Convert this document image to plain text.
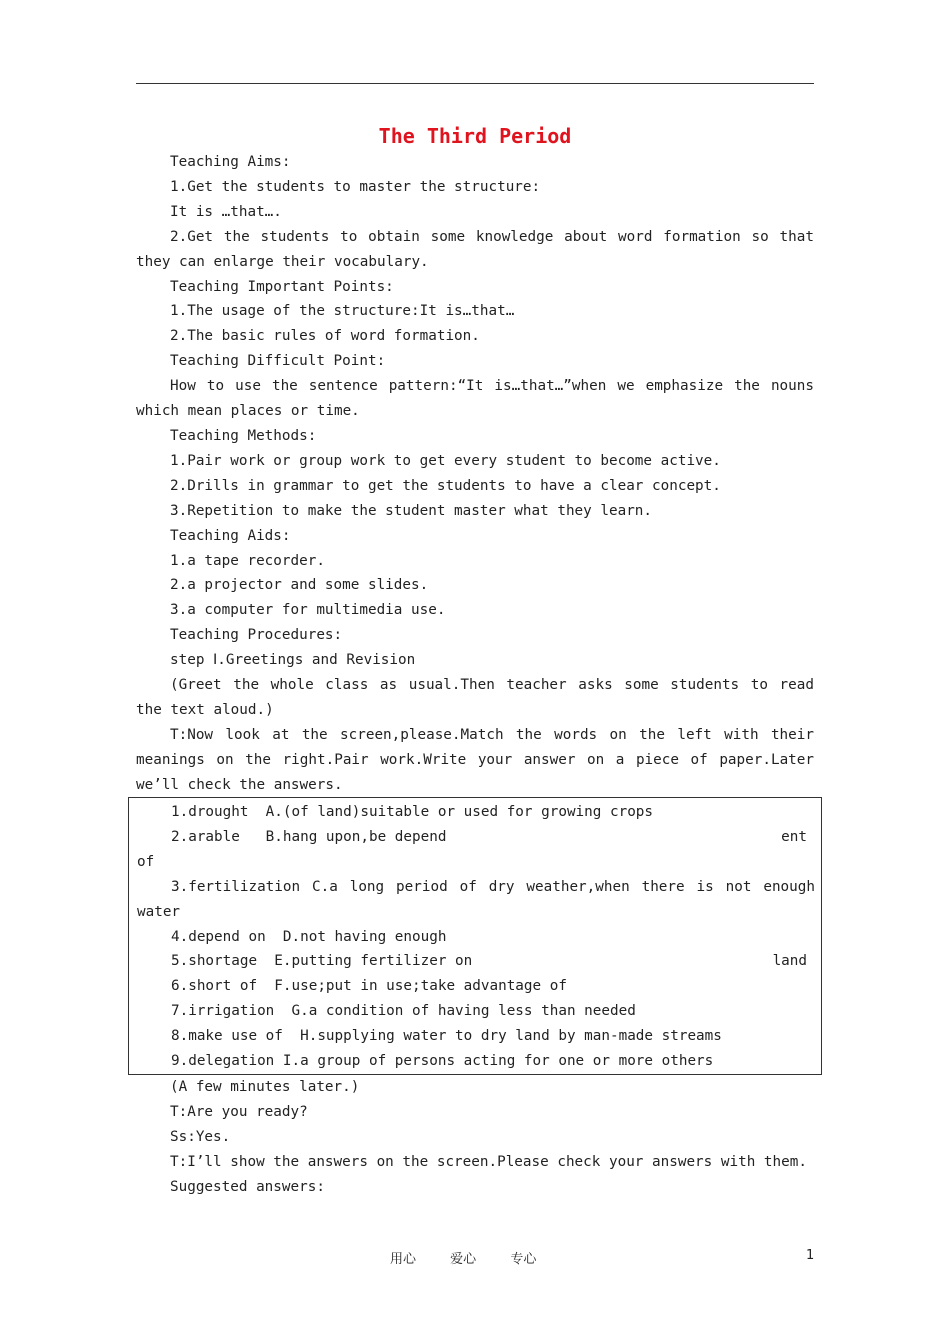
The Third Period

Teaching Aims:

1.Get the students to master the structure:

It is …that….

2.Get the students to obtain some knowledge about word formation so that they can enlarge their vocabulary.

Teaching Important Points:

1.The usage of the structure:It is…that…

2.The basic rules of word formation.

Teaching Difficult Point:

How to use the sentence pattern:“It is…that…”when we emphasize the nouns which mean places or time.

Teaching Methods:

1.Pair work or group work to get every student to become active.

2.Drills in grammar to get the students to have a clear concept.

3.Repetition to make the student master what they learn.

Teaching Aids:

1.a tape recorder.

2.a projector and some slides.

3.a computer for multimedia use.

Teaching Procedures:

step Ⅰ.Greetings and Revision

(Greet the whole class as usual.Then teacher asks some students to read the text aloud.)

T:Now look at the screen,please.Match the words on the left with their meanings on the right.Pair work.Write your answer on a piece of paper.Later we’ll check the answers.

1.drought  A.(of land)suitable or used for growing crops

2.arable   B.hang upon,be depend	ent

of

3.fertilization C.a long period of dry weather,when there is not enough water

4.depend on  D.not having enough

5.shortage  E.putting fertilizer on	land

6.short of  F.use;put in use;take advantage of

7.irrigation  G.a condition of having less than needed

8.make use of  H.supplying water to dry land by man-made streams

9.delegation I.a group of persons acting for one or more others

(A few minutes later.)

T:Are you ready?

Ss:Yes.

T:I’ll show the answers on the screen.Please check your answers with them.

Suggested answers:

用心	爱心	专心	1
